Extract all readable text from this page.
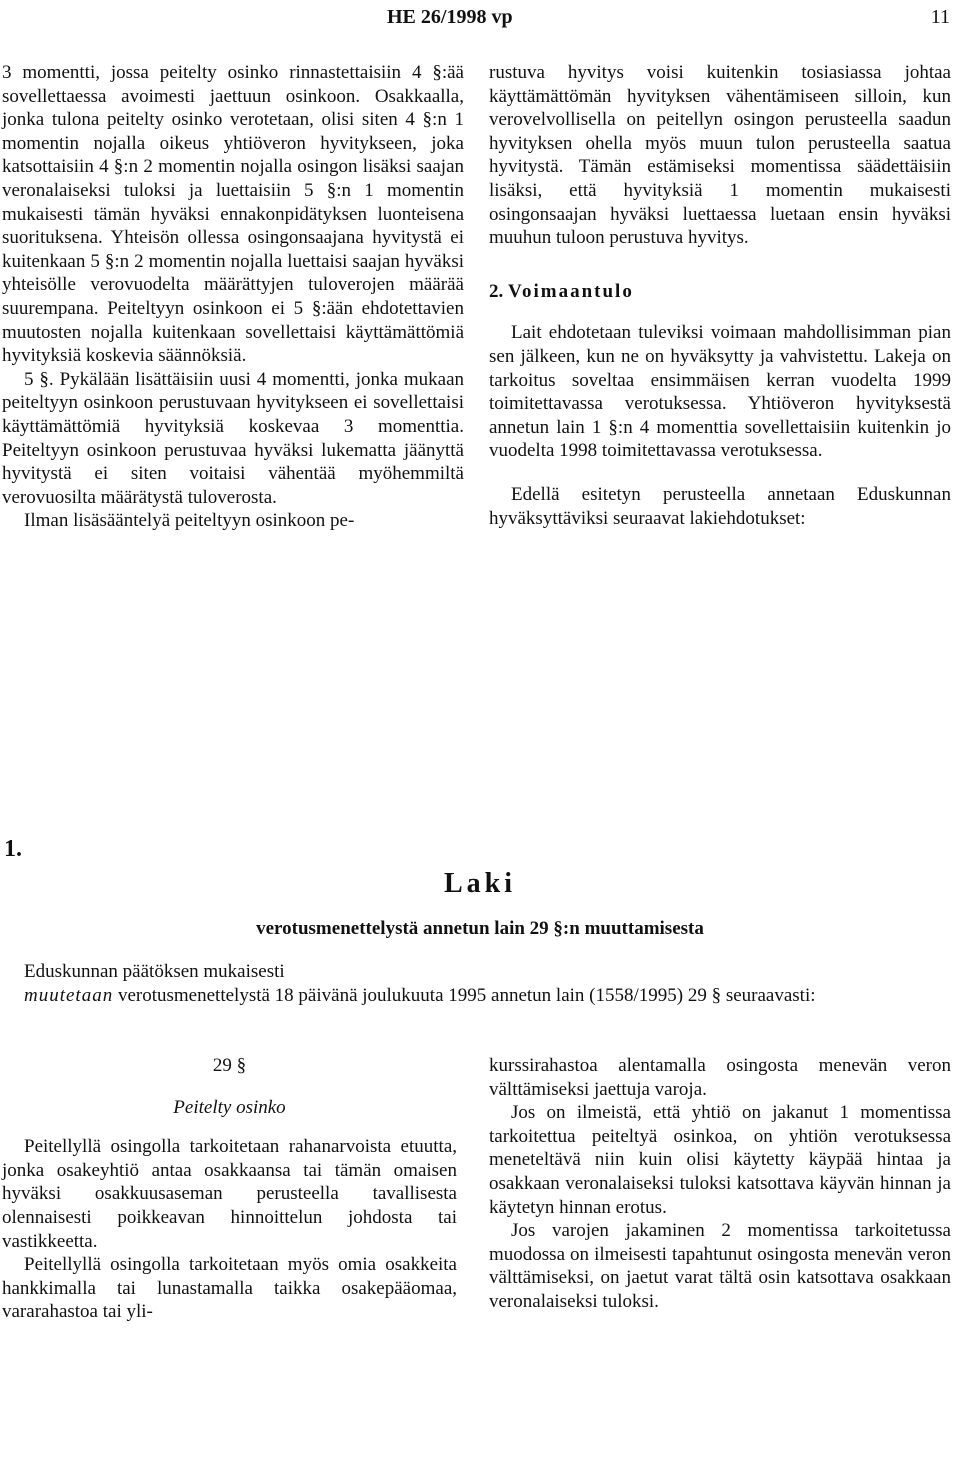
HE 26/1998 vp	11

3 momentti, jossa peitelty osinko rinnastettaisiin 4 §:ää sovellettaessa avoimesti jaettuun osinkoon. Osakkaalla, jonka tulona peitelty osinko verotetaan, olisi siten 4 §:n 1 momentin nojalla oikeus yhtiöveron hyvitykseen, joka katsottaisiin 4 §:n 2 momentin nojalla osingon lisäksi saajan veronalaiseksi tuloksi ja luettaisiin 5 §:n 1 momentin mukaisesti tämän hyväksi ennakonpidätyksen luonteisena suorituksena. Yhteisön ollessa osingonsaajana hyvitystä ei kuitenkaan 5 §:n 2 momentin nojalla luettaisi saajan hyväksi yhteisölle verovuodelta määrättyjen tuloverojen määrää suurempana. Peiteltyyn osinkoon ei 5 §:ään ehdotettavien muutosten nojalla kuitenkaan sovellettaisi käyttämättömiä hyvityksiä koskevia säännöksiä.

5 §. Pykälään lisättäisiin uusi 4 momentti, jonka mukaan peiteltyyn osinkoon perustuvaan hyvitykseen ei sovellettaisi käyttämättömiä hyvityksiä koskevaa 3 momenttia. Peiteltyyn osinkoon perustuvaa hyväksi lukematta jäänyttä hyvitystä ei siten voitaisi vähentää myöhemmiltä verovuosilta määrätystä tuloverosta.

Ilman lisäsääntelyä peiteltyyn osinkoon pe-

rustuva hyvitys voisi kuitenkin tosiasiassa johtaa käyttämättömän hyvityksen vähentämiseen silloin, kun verovelvollisella on peitellyn osingon perusteella saadun hyvityksen ohella myös muun tulon perusteella saatua hyvitystä. Tämän estämiseksi momentissa säädettäisiin lisäksi, että hyvityksiä 1 momentin mukaisesti osingonsaajan hyväksi luettaessa luetaan ensin hyväksi muuhun tuloon perustuva hyvitys.

2. Voimaantulo

Lait ehdotetaan tuleviksi voimaan mahdollisimman pian sen jälkeen, kun ne on hyväksytty ja vahvistettu. Lakeja on tarkoitus soveltaa ensimmäisen kerran vuodelta 1999 toimitettavassa verotuksessa. Yhtiöveron hyvityksestä annetun lain 1 §:n 4 momenttia sovellettaisiin kuitenkin jo vuodelta 1998 toimitettavassa verotuksessa.

Edellä esitetyn perusteella annetaan Eduskunnan hyväksyttäviksi seuraavat lakiehdotukset:

1.
Laki
verotusmenettelystä annetun lain 29 §:n muuttamisesta

Eduskunnan päätöksen mukaisesti

muutetaan verotusmenettelystä 18 päivänä joulukuuta 1995 annetun lain (1558/1995) 29 § seuraavasti:

29 §

Peitelty osinko

Peitellyllä osingolla tarkoitetaan rahanarvoista etuutta, jonka osakeyhtiö antaa osakkaansa tai tämän omaisen hyväksi osakkuusaseman perusteella tavallisesta olennaisesti poikkeavan hinnoittelun johdosta tai vastikkeetta.

Peitellyllä osingolla tarkoitetaan myös omia osakkeita hankkimalla tai lunastamalla taikka osakepääomaa, vararahastoa tai yli-

kurssirahastoa alentamalla osingosta menevän veron välttämiseksi jaettuja varoja.

Jos on ilmeistä, että yhtiö on jakanut 1 momentissa tarkoitettua peiteltyä osinkoa, on yhtiön verotuksessa meneteltävä niin kuin olisi käytetty käypää hintaa ja osakkaan veronalaiseksi tuloksi katsottava käyvän hinnan ja käytetyn hinnan erotus.

Jos varojen jakaminen 2 momentissa tarkoitetussa muodossa on ilmeisesti tapahtunut osingosta menevän veron välttämiseksi, on jaetut varat tältä osin katsottava osakkaan veronalaiseksi tuloksi.
